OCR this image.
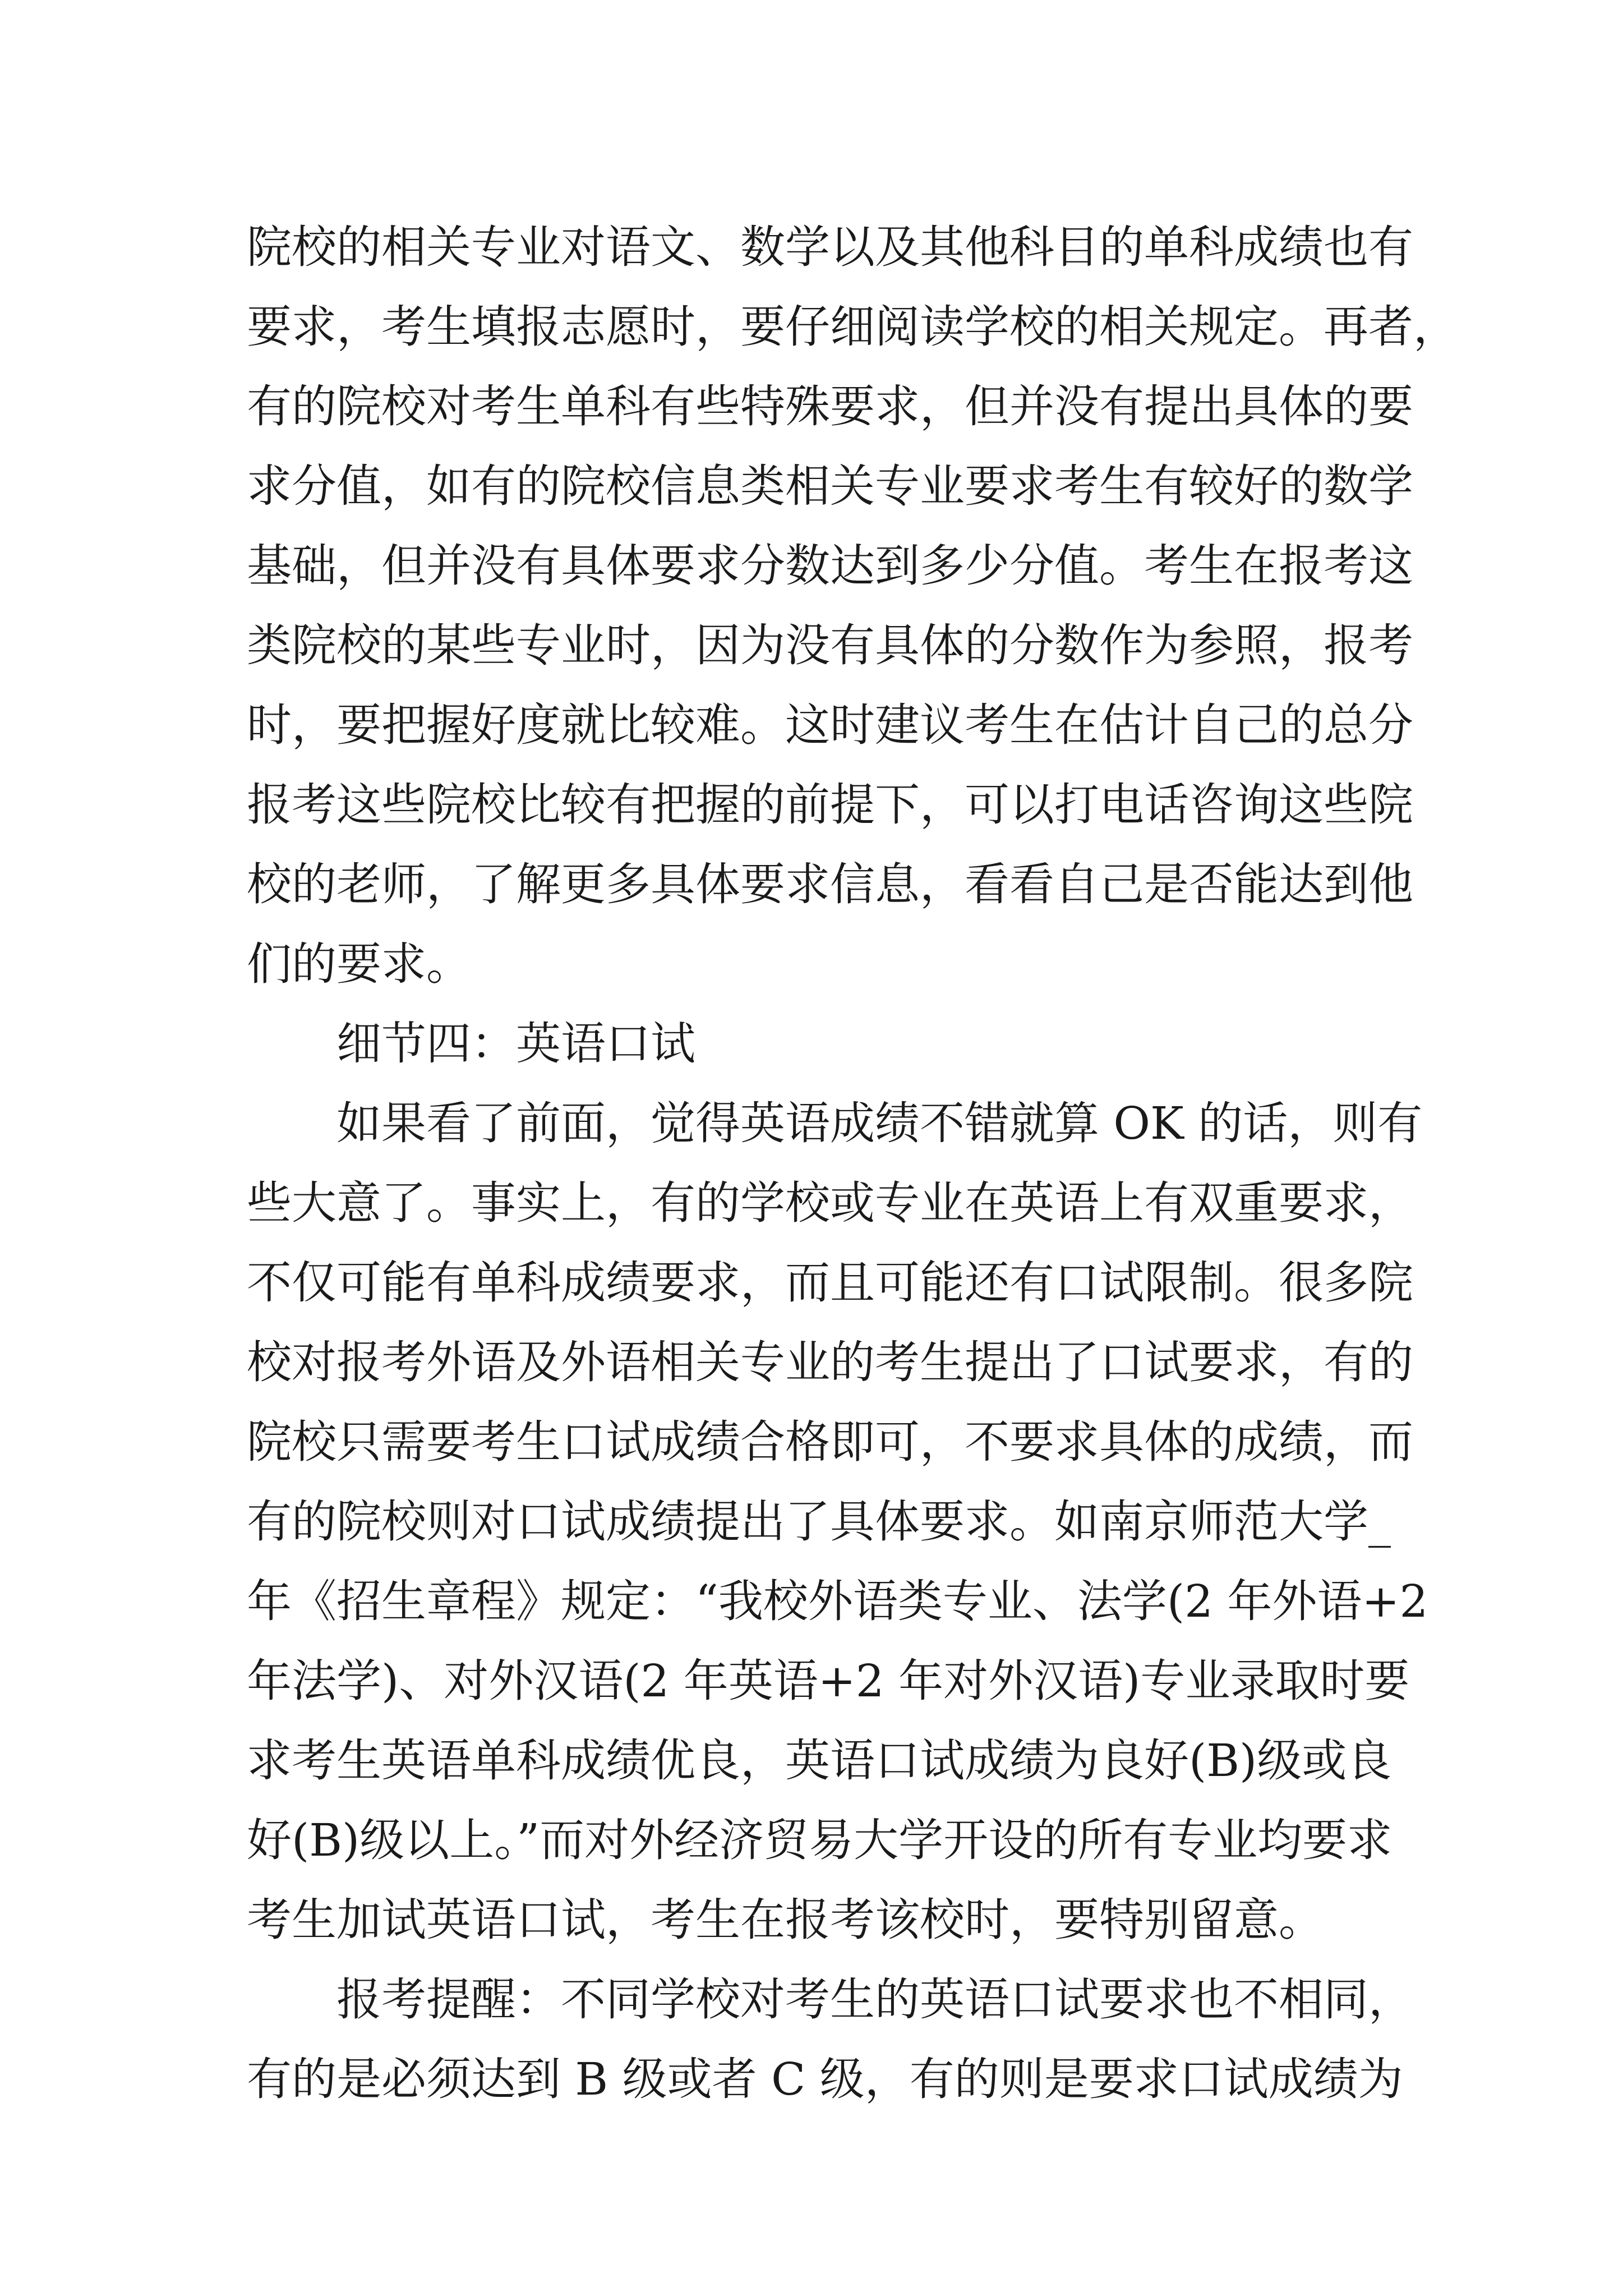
院校的相关专业对语文、数学以及其他科目的单科成绩也有
要求，考生填报志愿时，要仔细阅读学校的相关规定。再者，
有的院校对考生单科有些特殊要求，但并没有提出具体的要
求分值，如有的院校信息类相关专业要求考生有较好的数学
基础，但并没有具体要求分数达到多少分值。考生在报考这
类院校的某些专业时，因为没有具体的分数作为参照，报考
时，要把握好度就比较难。这时建议考生在估计自己的总分
报考这些院校比较有把握的前提下，可以打电话咨询这些院
校的老师，了解更多具体要求信息，看看自己是否能达到他
们的要求。
细节四：英语口试
如果看了前面，觉得英语成绩不错就算 OK 的话，则有
些大意了。事实上，有的学校或专业在英语上有双重要求，
不仅可能有单科成绩要求，而且可能还有口试限制。很多院
校对报考外语及外语相关专业的考生提出了口试要求，有的
院校只需要考生口试成绩合格即可，不要求具体的成绩，而
有的院校则对口试成绩提出了具体要求。如南京师范大学_
年《招生章程》规定：“我校外语类专业、法学(2 年外语+2
年法学)、对外汉语(2 年英语+2 年对外汉语)专业录取时要
求考生英语单科成绩优良，英语口试成绩为良好(B)级或良
好(B)级以上。”而对外经济贸易大学开设的所有专业均要求
考生加试英语口试，考生在报考该校时，要特别留意。
报考提醒：不同学校对考生的英语口试要求也不相同，
有的是必须达到 B 级或者 C 级，有的则是要求口试成绩为
